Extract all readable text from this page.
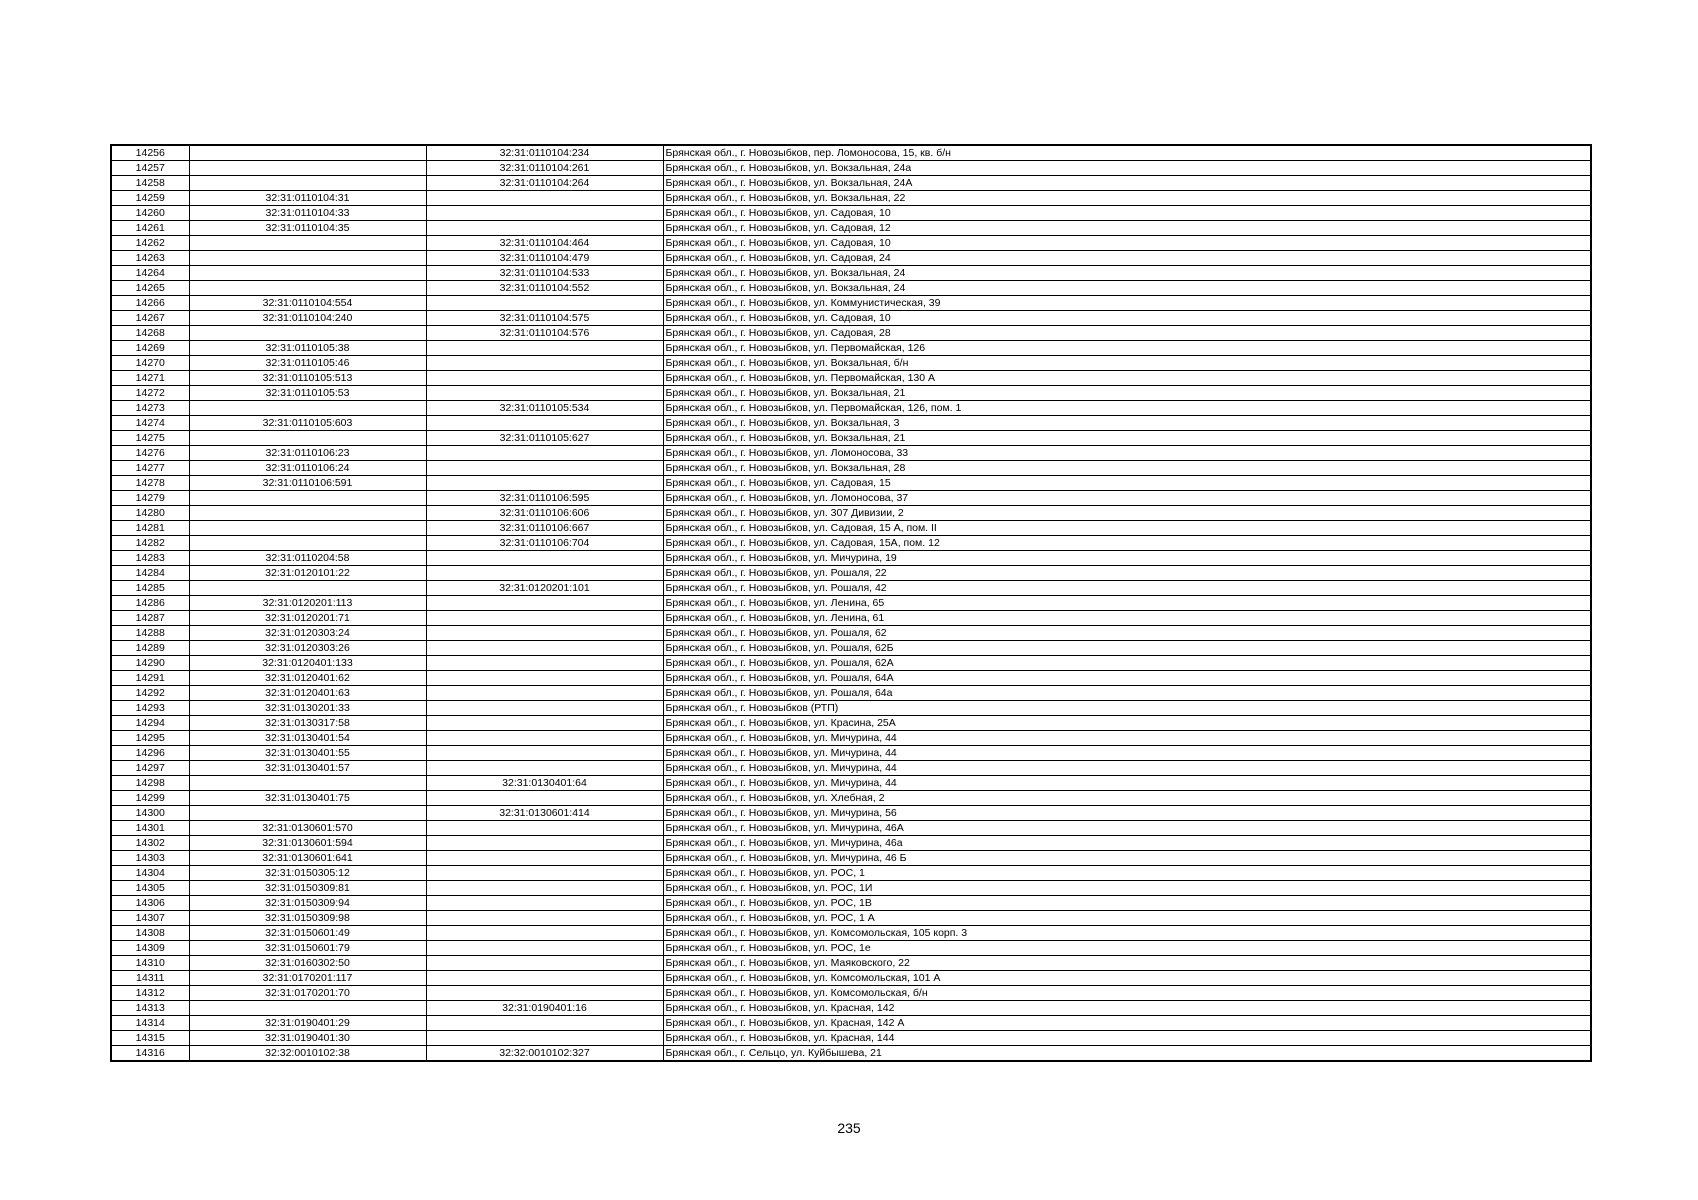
14256		32:31:0110104:234	Брянская обл., г. Новозыбков, пер. Ломоносова, 15, кв. б/н
14257		32:31:0110104:261	Брянская обл., г. Новозыбков, ул. Вокзальная, 24а
14258		32:31:0110104:264	Брянская обл., г. Новозыбков, ул. Вокзальная, 24А
14259	32:31:0110104:31		Брянская обл., г. Новозыбков, ул. Вокзальная, 22
14260	32:31:0110104:33		Брянская обл., г. Новозыбков, ул. Садовая, 10
14261	32:31:0110104:35		Брянская обл., г. Новозыбков, ул. Садовая, 12
14262		32:31:0110104:464	Брянская обл., г. Новозыбков, ул. Садовая, 10
14263		32:31:0110104:479	Брянская обл., г. Новозыбков, ул. Садовая, 24
14264		32:31:0110104:533	Брянская обл., г. Новозыбков, ул. Вокзальная, 24
14265		32:31:0110104:552	Брянская обл., г. Новозыбков, ул. Вокзальная, 24
14266	32:31:0110104:554		Брянская обл., г. Новозыбков, ул. Коммунистическая, 39
14267	32:31:0110104:240	32:31:0110104:575	Брянская обл., г. Новозыбков, ул. Садовая, 10
14268		32:31:0110104:576	Брянская обл., г. Новозыбков, ул. Садовая, 28
14269	32:31:0110105:38		Брянская обл., г. Новозыбков, ул. Первомайская, 126
14270	32:31:0110105:46		Брянская обл., г. Новозыбков, ул. Вокзальная, б/н
14271	32:31:0110105:513		Брянская обл., г. Новозыбков, ул. Первомайская, 130 А
14272	32:31:0110105:53		Брянская обл., г. Новозыбков, ул. Вокзальная, 21
14273		32:31:0110105:534	Брянская обл., г. Новозыбков, ул. Первомайская, 126, пом. 1
14274	32:31:0110105:603		Брянская обл., г. Новозыбков, ул. Вокзальная, 3
14275		32:31:0110105:627	Брянская обл., г. Новозыбков, ул. Вокзальная, 21
14276	32:31:0110106:23		Брянская обл., г. Новозыбков, ул. Ломоносова, 33
14277	32:31:0110106:24		Брянская обл., г. Новозыбков, ул. Вокзальная, 28
14278	32:31:0110106:591		Брянская обл., г. Новозыбков, ул. Садовая, 15
14279		32:31:0110106:595	Брянская обл., г. Новозыбков, ул. Ломоносова, 37
14280		32:31:0110106:606	Брянская обл., г. Новозыбков, ул. 307 Дивизии, 2
14281		32:31:0110106:667	Брянская обл., г. Новозыбков, ул. Садовая, 15 А, пом. II
14282		32:31:0110106:704	Брянская обл., г. Новозыбков, ул. Садовая, 15А, пом. 12
14283	32:31:0110204:58		Брянская обл., г. Новозыбков, ул. Мичурина, 19
14284	32:31:0120101:22		Брянская обл., г. Новозыбков, ул. Рошаля, 22
14285		32:31:0120201:101	Брянская обл., г. Новозыбков, ул. Рошаля, 42
14286	32:31:0120201:113		Брянская обл., г. Новозыбков, ул. Ленина, 65
14287	32:31:0120201:71		Брянская обл., г. Новозыбков, ул. Ленина, 61
14288	32:31:0120303:24		Брянская обл., г. Новозыбков, ул. Рошаля, 62
14289	32:31:0120303:26		Брянская обл., г. Новозыбков, ул. Рошаля, 62Б
14290	32:31:0120401:133		Брянская обл., г. Новозыбков, ул. Рошаля, 62А
14291	32:31:0120401:62		Брянская обл., г. Новозыбков, ул. Рошаля, 64А
14292	32:31:0120401:63		Брянская обл., г. Новозыбков, ул. Рошаля, 64а
14293	32:31:0130201:33		Брянская обл., г. Новозыбков (РТП)
14294	32:31:0130317:58		Брянская обл., г. Новозыбков, ул. Красина, 25А
14295	32:31:0130401:54		Брянская обл., г. Новозыбков, ул. Мичурина, 44
14296	32:31:0130401:55		Брянская обл., г. Новозыбков, ул. Мичурина, 44
14297	32:31:0130401:57		Брянская обл., г. Новозыбков, ул. Мичурина, 44
14298		32:31:0130401:64	Брянская обл., г. Новозыбков, ул. Мичурина, 44
14299	32:31:0130401:75		Брянская обл., г. Новозыбков, ул. Хлебная, 2
14300		32:31:0130601:414	Брянская обл., г. Новозыбков, ул. Мичурина, 56
14301	32:31:0130601:570		Брянская обл., г. Новозыбков, ул. Мичурина, 46А
14302	32:31:0130601:594		Брянская обл., г. Новозыбков, ул. Мичурина, 46а
14303	32:31:0130601:641		Брянская обл., г. Новозыбков, ул. Мичурина, 46 Б
14304	32:31:0150305:12		Брянская обл., г. Новозыбков, ул. РОС, 1
14305	32:31:0150309:81		Брянская обл., г. Новозыбков, ул. РОС, 1И
14306	32:31:0150309:94		Брянская обл., г. Новозыбков, ул. РОС, 1В
14307	32:31:0150309:98		Брянская обл., г. Новозыбков, ул. РОС, 1 А
14308	32:31:0150601:49		Брянская обл., г. Новозыбков, ул. Комсомольская, 105 корп. 3
14309	32:31:0150601:79		Брянская обл., г. Новозыбков, ул. РОС, 1е
14310	32:31:0160302:50		Брянская обл., г. Новозыбков, ул. Маяковского, 22
14311	32:31:0170201:117		Брянская обл., г. Новозыбков, ул. Комсомольская, 101 А
14312	32:31:0170201:70		Брянская обл., г. Новозыбков, ул. Комсомольская, б/н
14313		32:31:0190401:16	Брянская обл., г. Новозыбков, ул. Красная, 142
14314	32:31:0190401:29		Брянская обл., г. Новозыбков, ул. Красная, 142 А
14315	32:31:0190401:30		Брянская обл., г. Новозыбков, ул. Красная, 144
14316	32:32:0010102:38	32:32:0010102:327	Брянская обл., г. Сельцо, ул. Куйбышева, 21
235
